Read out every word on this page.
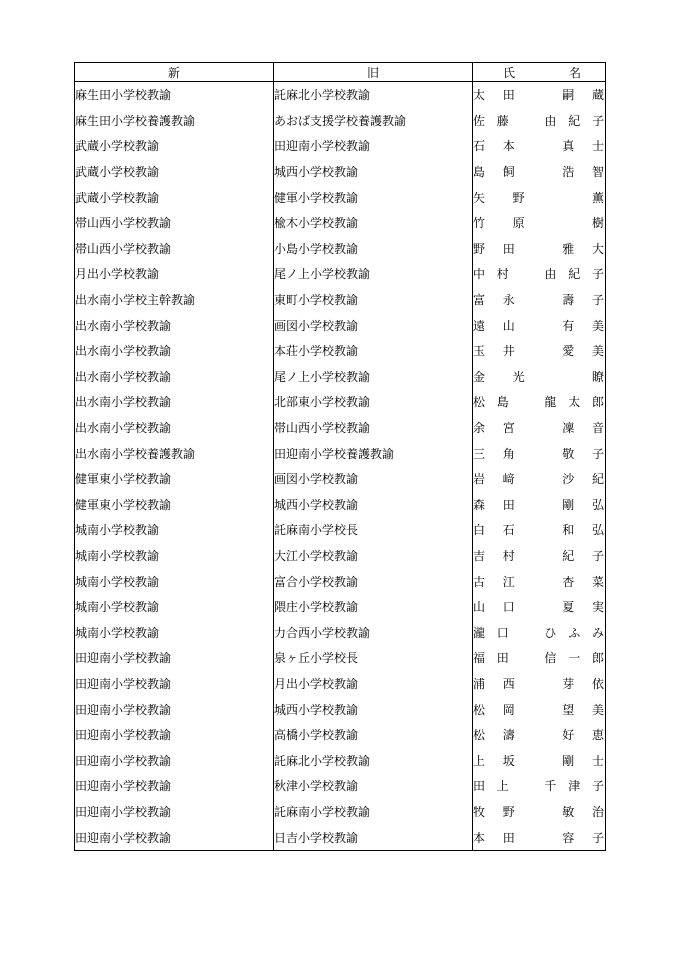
新	旧	氏 名

麻生田小学校教諭	託麻北小学校教諭	太田　嗣蔵

麻生田小学校養護教諭	あおば支援学校養護教諭	佐藤　由紀子

武蔵小学校教諭	田迎南小学校教諭	石本　真士

武蔵小学校教諭	城西小学校教諭	島飼　浩智

武蔵小学校教諭	健軍小学校教諭	矢野　薫

帯山西小学校教諭	楡木小学校教諭	竹原　樹

帯山西小学校教諭	小島小学校教諭	野田　雅大

月出小学校教諭	尾ノ上小学校教諭	中村　由紀子

出水南小学校主幹教諭	東町小学校教諭	富永　壽子

出水南小学校教諭	画図小学校教諭	遠山　有美

出水南小学校教諭	本荘小学校教諭	玉井　愛美

出水南小学校教諭	尾ノ上小学校教諭	金光　瞭

出水南小学校教諭	北部東小学校教諭	松島　龍太郎

出水南小学校教諭	帯山西小学校教諭	余宮　凜音

出水南小学校養護教諭	田迎南小学校養護教諭	三角　敬子

健軍東小学校教諭	画図小学校教諭	岩﨑　沙紀

健軍東小学校教諭	城西小学校教諭	森田　剛弘

城南小学校教諭	託麻南小学校長	白石　和弘

城南小学校教諭	大江小学校教諭	吉村　紀子

城南小学校教諭	富合小学校教諭	古江　杏菜

城南小学校教諭	隈庄小学校教諭	山口　夏実

城南小学校教諭	力合西小学校教諭	瀧口　ひふみ

田迎南小学校教諭	泉ヶ丘小学校長	福田　信一郎

田迎南小学校教諭	月出小学校教諭	浦西　芽依

田迎南小学校教諭	城西小学校教諭	松岡　望美

田迎南小学校教諭	高橋小学校教諭	松濤　好恵

田迎南小学校教諭	託麻北小学校教諭	上坂　剛士

田迎南小学校教諭	秋津小学校教諭	田上　千津子

田迎南小学校教諭	託麻南小学校教諭	牧野　敏治

田迎南小学校教諭	日吉小学校教諭	本田　容子
